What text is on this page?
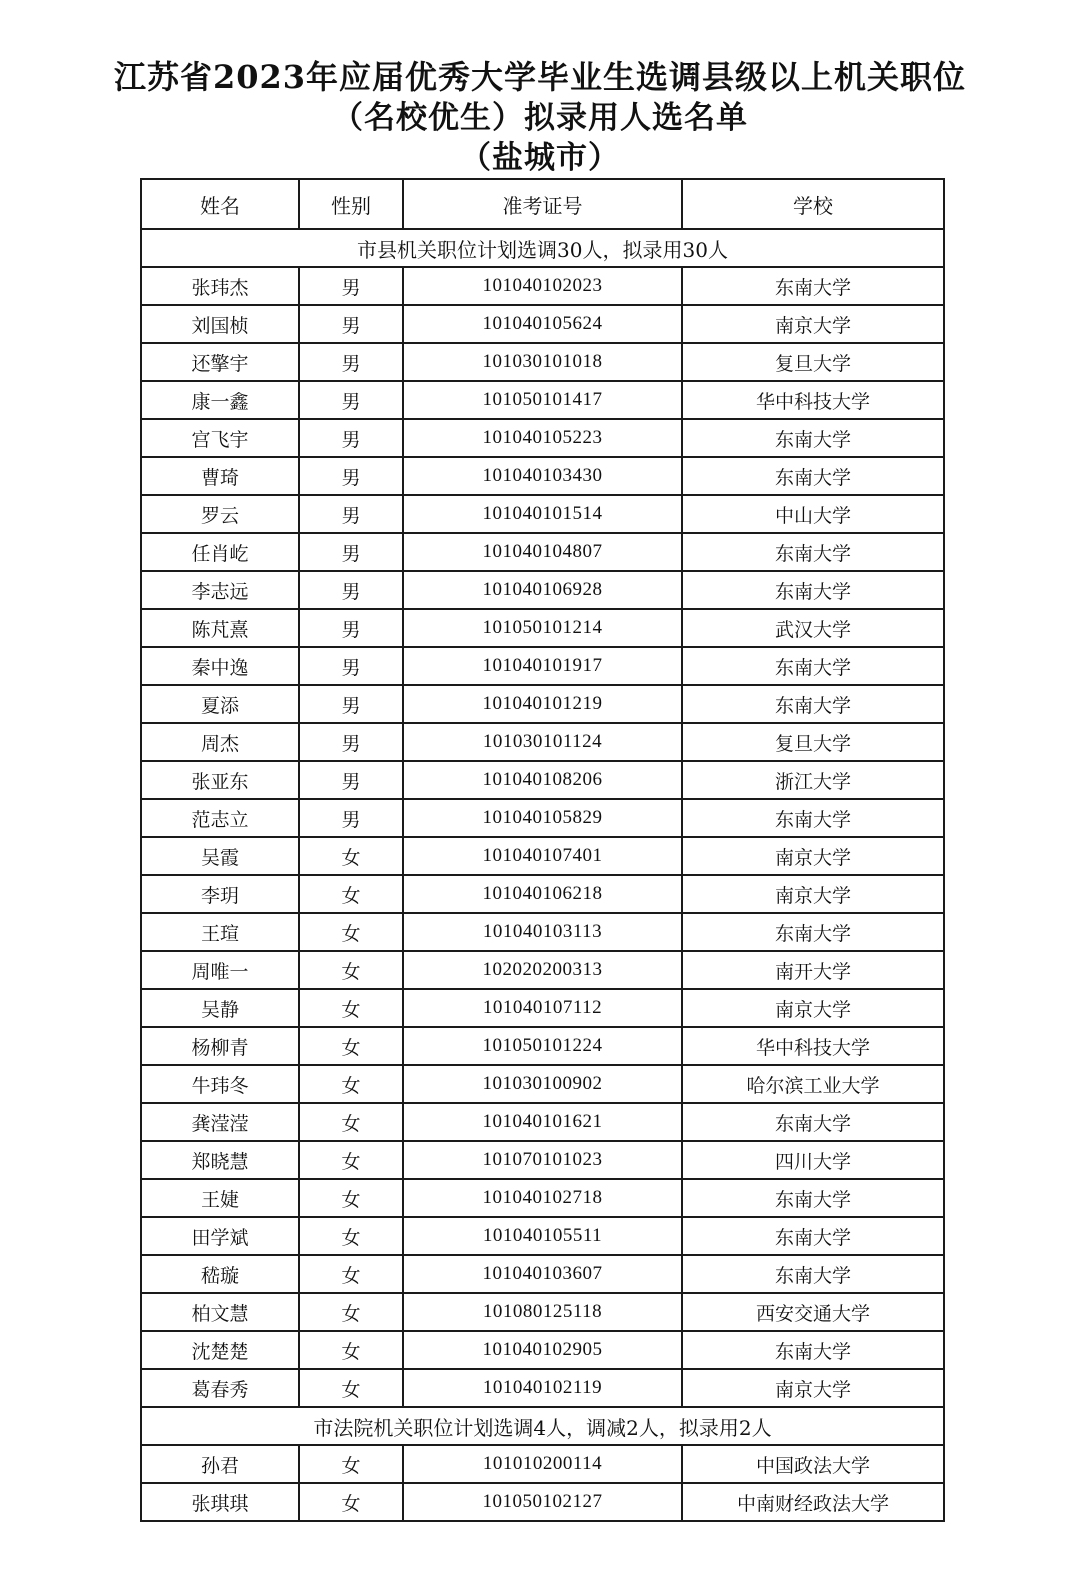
江苏省2023年应届优秀大学毕业生选调县级以上机关职位

（名校优生）拟录用人选名单

（盐城市）

姓名	性别	准考证号	学校
市县机关职位计划选调30人，拟录用30人			
张玮杰	男	101040102023	东南大学
刘国桢	男	101040105624	南京大学
还擎宇	男	101030101018	复旦大学
康一鑫	男	101050101417	华中科技大学
宫飞宇	男	101040105223	东南大学
曹琦	男	101040103430	东南大学
罗云	男	101040101514	中山大学
任肖屹	男	101040104807	东南大学
李志远	男	101040106928	东南大学
陈芃熹	男	101050101214	武汉大学
秦中逸	男	101040101917	东南大学
夏添	男	101040101219	东南大学
周杰	男	101030101124	复旦大学
张亚东	男	101040108206	浙江大学
范志立	男	101040105829	东南大学
吴霞	女	101040107401	南京大学
李玥	女	101040106218	南京大学
王瑄	女	101040103113	东南大学
周唯一	女	102020200313	南开大学
吴静	女	101040107112	南京大学
杨柳青	女	101050101224	华中科技大学
牛玮冬	女	101030100902	哈尔滨工业大学
龚滢滢	女	101040101621	东南大学
郑晓慧	女	101070101023	四川大学
王婕	女	101040102718	东南大学
田学斌	女	101040105511	东南大学
嵇璇	女	101040103607	东南大学
柏文慧	女	101080125118	西安交通大学
沈楚楚	女	101040102905	东南大学
葛春秀	女	101040102119	南京大学
市法院机关职位计划选调4人，调减2人，拟录用2人			
孙君	女	101010200114	中国政法大学
张琪琪	女	101050102127	中南财经政法大学
